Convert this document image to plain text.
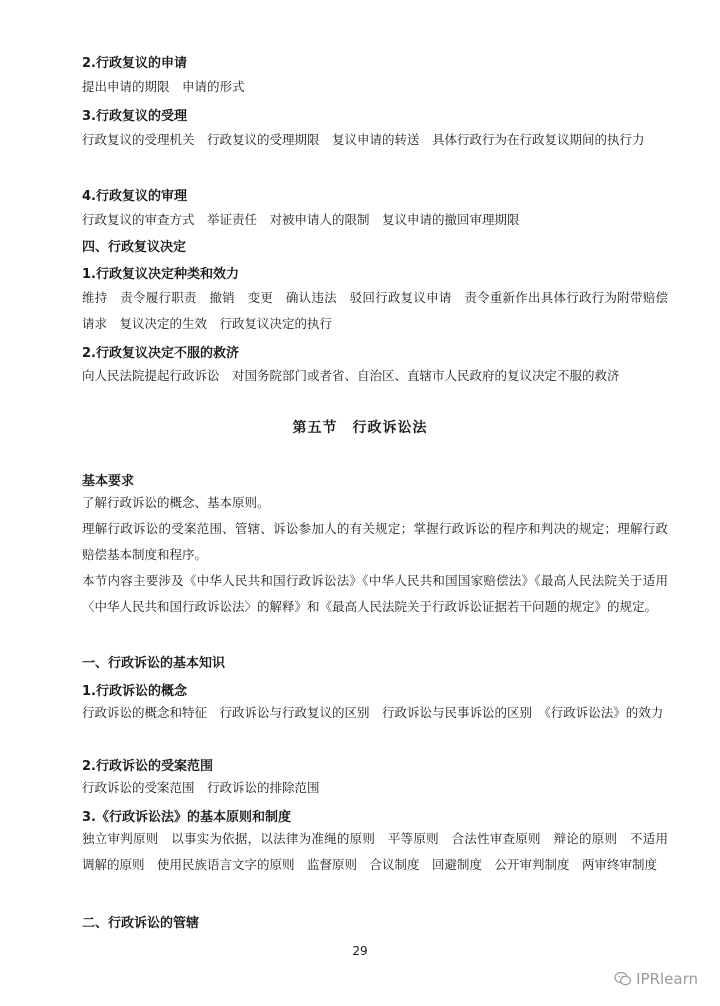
2.行政复议的申请
提出申请的期限　申请的形式
3.行政复议的受理
行政复议的受理机关　行政复议的受理期限　复议申请的转送　具体行政行为在行政复议期间的执行力
4.行政复议的审理
行政复议的审查方式　举证责任　对被申请人的限制　复议申请的撤回审理期限
四、行政复议决定
1.行政复议决定种类和效力
维持　责令履行职责　撤销　变更　确认违法　驳回行政复议申请　责令重新作出具体行政行为附带赔偿请求　复议决定的生效　行政复议决定的执行
2.行政复议决定不服的救济
向人民法院提起行政诉讼　对国务院部门或者省、自治区、直辖市人民政府的复议决定不服的救济
第五节　行政诉讼法
基本要求
了解行政诉讼的概念、基本原则。
理解行政诉讼的受案范围、管辖、诉讼参加人的有关规定；掌握行政诉讼的程序和判决的规定；理解行政赔偿基本制度和程序。
本节内容主要涉及《中华人民共和国行政诉讼法》《中华人民共和国国家赔偿法》《最高人民法院关于适用〈中华人民共和国行政诉讼法〉的解释》和《最高人民法院关于行政诉讼证据若干问题的规定》的规定。
一、行政诉讼的基本知识
1.行政诉讼的概念
行政诉讼的概念和特征　行政诉讼与行政复议的区别　行政诉讼与民事诉讼的区别　《行政诉讼法》的效力
2.行政诉讼的受案范围
行政诉讼的受案范围　行政诉讼的排除范围
3.《行政诉讼法》的基本原则和制度
独立审判原则　以事实为依据，以法律为准绳的原则　平等原则　合法性审查原则　辩论的原则　不适用调解的原则　使用民族语言文字的原则　监督原则　合议制度　回避制度　公开审判制度　两审终审制度
二、行政诉讼的管辖
29
IPRlearn
